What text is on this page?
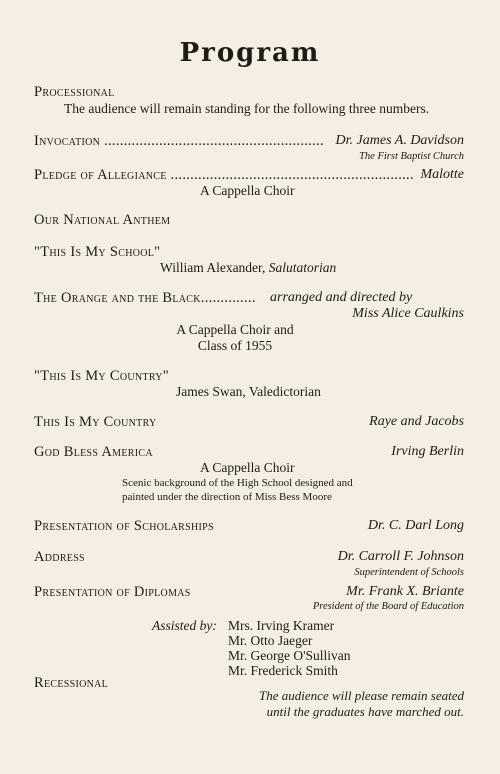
Program
Processional
The audience will remain standing for the following three numbers.
Invocation ........................................................ Dr. James A. Davidson
The First Baptist Church
Pledge of Allegiance .............................................................. Malotte
A Cappella Choir
Our National Anthem
"This Is My School"
William Alexander, Salutatorian
The Orange and the Black.............. arranged and directed by
Miss Alice Caulkins
A Cappella Choir and
Class of 1955
"This Is My Country"
James Swan, Valedictorian
This Is My Country	Raye and Jacobs
God Bless America	Irving Berlin
A Cappella Choir
Scenic background of the High School designed and
painted under the direction of Miss Bess Moore
Presentation of Scholarships	Dr. C. Darl Long
Address	Dr. Carroll F. Johnson
Superintendent of Schools
Presentation of Diplomas	Mr. Frank X. Briante
President of the Board of Education
Assisted by: Mrs. Irving Kramer
Mr. Otto Jaeger
Mr. George O'Sullivan
Mr. Frederick Smith
Recessional
The audience will please remain seated
until the graduates have marched out.
